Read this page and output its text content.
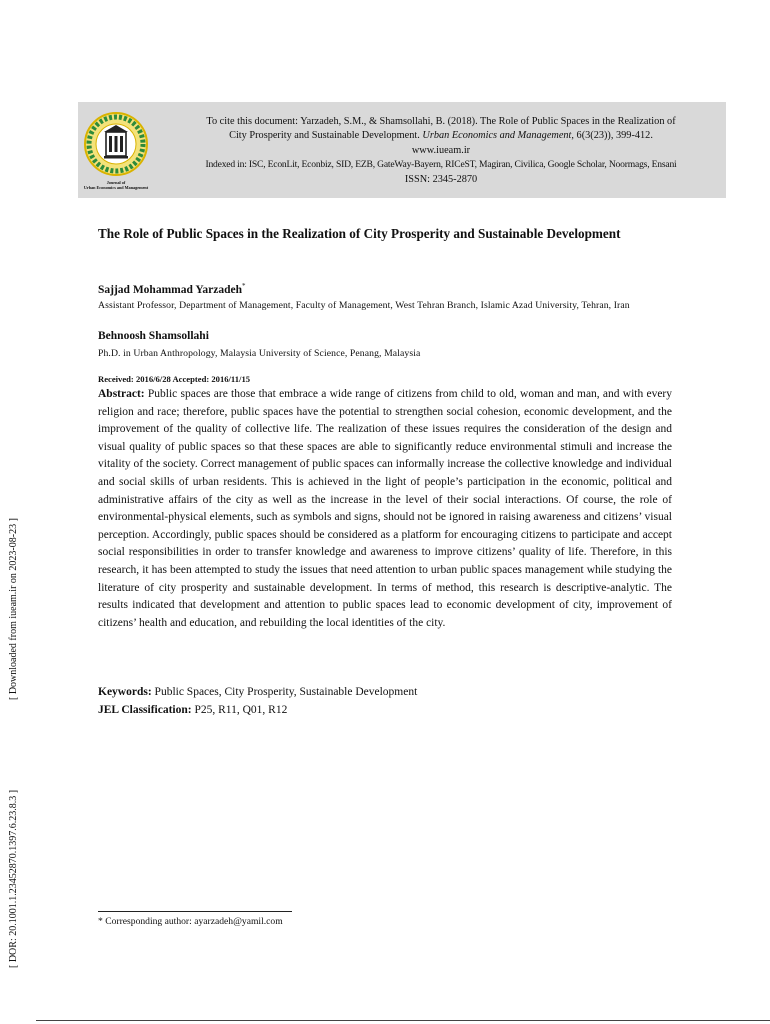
Journal of
Urban Economics and Management
To cite this document: Yarzadeh, S.M., & Shamsollahi, B. (2018). The Role of Public Spaces in the Realization of
City Prosperity and Sustainable Development. Urban Economics and Management, 6(3(23)), 399-412.
www.iueam.ir
Indexed in: ISC, EconLit, Econbiz, SID, EZB, GateWay-Bayern, RICeST, Magiran, Civilica, Google Scholar, Noormags, Ensani
ISSN: 2345-2870
[ Downloaded from iueam.ir on 2023-08-23 ]
[ DOR: 20.1001.1.23452870.1397.6.23.8.3 ]
The Role of Public Spaces in the Realization of City Prosperity and Sustainable Development
Sajjad Mohammad Yarzadeh*
Assistant Professor, Department of Management, Faculty of Management, West Tehran Branch, Islamic Azad University, Tehran, Iran
Behnoosh Shamsollahi
Ph.D. in Urban Anthropology, Malaysia University of Science, Penang, Malaysia
Received: 2016/6/28 Accepted: 2016/11/15
Abstract: Public spaces are those that embrace a wide range of citizens from child to old, woman and man, and with every religion and race; therefore, public spaces have the potential to strengthen social cohesion, economic development, and the improvement of the quality of collective life. The realization of these issues requires the consideration of the design and visual quality of public spaces so that these spaces are able to significantly reduce environmental stimuli and increase the vitality of the society. Correct management of public spaces can informally increase the collective knowledge and individual and social skills of urban residents. This is achieved in the light of people’s participation in the economic, political and administrative affairs of the city as well as the increase in the level of their social interactions. Of course, the role of environmental-physical elements, such as symbols and signs, should not be ignored in raising awareness and citizens’ visual perception. Accordingly, public spaces should be considered as a platform for encouraging citizens to participate and accept social responsibilities in order to transfer knowledge and awareness to improve citizens’ quality of life. Therefore, in this research, it has been attempted to study the issues that need attention to urban public spaces management while studying the literature of city prosperity and sustainable development. In terms of method, this research is descriptive-analytic. The results indicated that development and attention to public spaces lead to economic development of city, improvement of citizens’ health and education, and rebuilding the local identities of the city.
Keywords: Public Spaces, City Prosperity, Sustainable Development
JEL Classification: P25, R11, Q01, R12
* Corresponding author: ayarzadeh@yamil.com
